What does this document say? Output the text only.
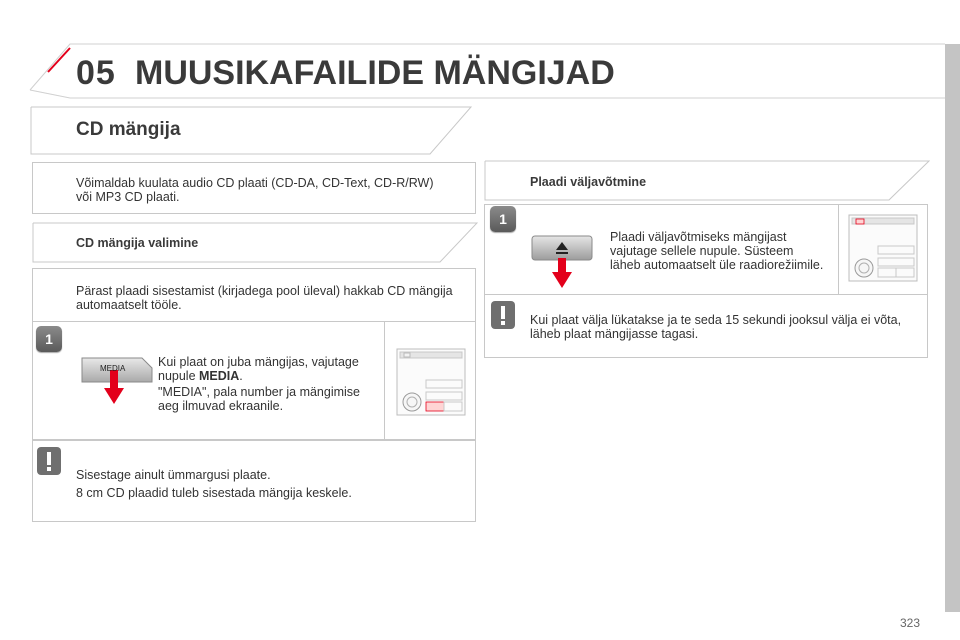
05 MUUSIKAFAILIDE MÄNGIJAD
CD mängija
Võimaldab kuulata audio CD plaati (CD-DA, CD-Text, CD-R/RW)
või MP3 CD plaati.
CD mängija valimine
Pärast plaadi sisestamist (kirjadega pool üleval) hakkab CD mängija
automaatselt tööle.
1
MEDIA	Kui plaat on juba mängijas, vajutage
nupule MEDIA.
"MEDIA", pala number ja mängimise
aeg ilmuvad ekraanile.
Sisestage ainult ümmargusi plaate.
8 cm CD plaadid tuleb sisestada mängija keskele.
Plaadi väljavõtmine
1
Plaadi väljavõtmiseks mängijast
vajutage sellele nupule. Süsteem
läheb automaatselt üle raadiorežiimile.
Kui plaat välja lükatakse ja te seda 15 sekundi jooksul välja ei võta,
läheb plaat mängijasse tagasi.
323
